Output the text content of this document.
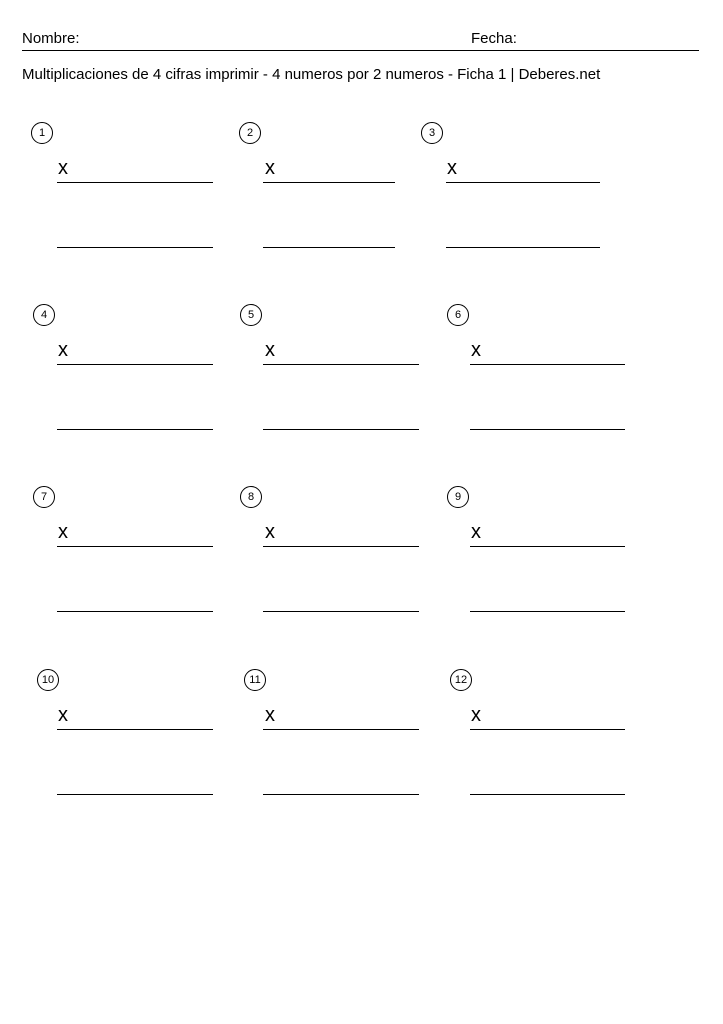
Nombre:	Fecha:
Multiplicaciones de 4 cifras imprimir - 4 numeros por 2 numeros - Ficha 1 | Deberes.net
1
x
2
x
3
x
4
x
5
x
6
x
7
x
8
x
9
x
10
x
11
x
12
x
